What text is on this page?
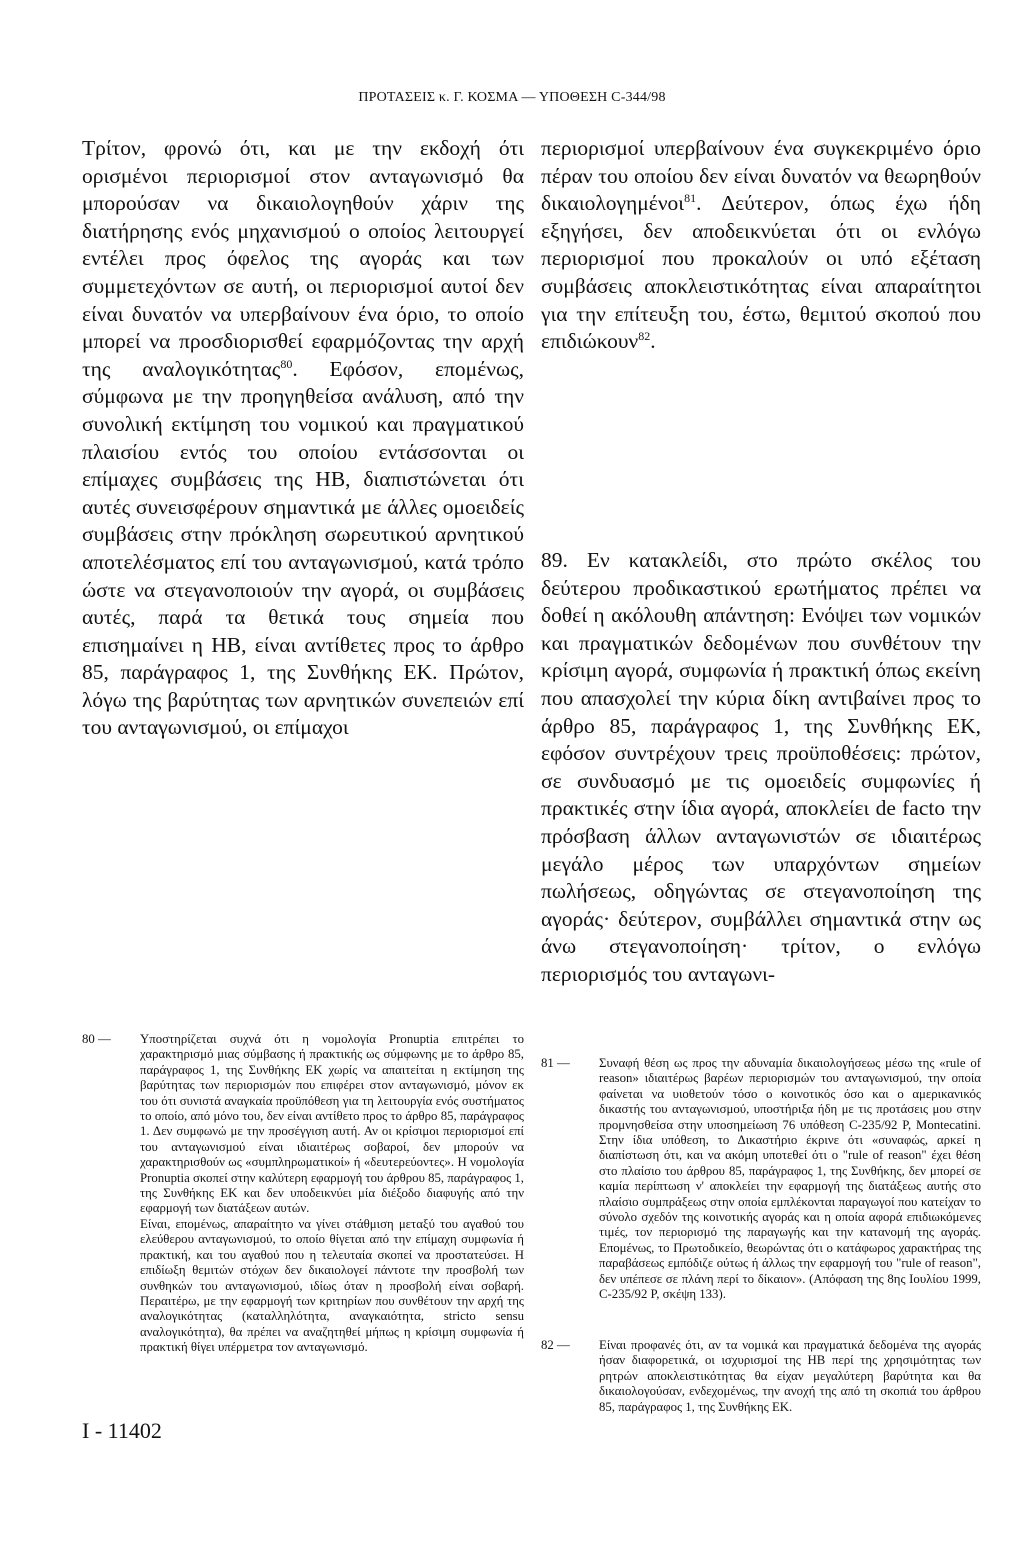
ΠΡΟΤΑΣΕΙΣ κ. Γ. ΚΟΣΜΑ — ΥΠΟΘΕΣΗ C-344/98

Τρίτον, φρονώ ότι, και με την εκδοχή ότι ορισμένοι περιορισμοί στον ανταγωνισμό θα μπορούσαν να δικαιολογηθούν χάριν της διατήρησης ενός μηχανισμού ο οποίος λειτουργεί εντέλει προς όφελος της αγοράς και των συμμετεχόντων σε αυτή, οι περιορισμοί αυτοί δεν είναι δυνατόν να υπερβαίνουν ένα όριο, το οποίο μπορεί να προσδιορισθεί εφαρμόζοντας την αρχή της αναλογικότητας$^{80}$. Εφόσον, επομένως, σύμφωνα με την προηγηθείσα ανάλυση, από την συνολική εκτίμηση του νομικού και πραγματικού πλαισίου εντός του οποίου εντάσσονται οι επίμαχες συμβάσεις της HB, διαπιστώνεται ότι αυτές συνεισφέρουν σημαντικά με άλλες ομοειδείς συμβάσεις στην πρόκληση σωρευτικού αρνητικού αποτελέσματος επί του ανταγωνισμού, κατά τρόπο ώστε να στεγανοποιούν την αγορά, οι συμβάσεις αυτές, παρά τα θετικά τους σημεία που επισημαίνει η HB, είναι αντίθετες προς το άρθρο 85, παράγραφος 1, της Συνθήκης ΕΚ. Πρώτον, λόγω της βαρύτητας των αρνητικών συνεπειών επί του ανταγωνισμού, οι επίμαχοι

περιορισμοί υπερβαίνουν ένα συγκεκριμένο όριο πέραν του οποίου δεν είναι δυνατόν να θεωρηθούν δικαιολογημένοι$^{81}$. Δεύτερον, όπως έχω ήδη εξηγήσει, δεν αποδεικνύεται ότι οι ενλόγω περιορισμοί που προκαλούν οι υπό εξέταση συμβάσεις αποκλειστικότητας είναι απαραίτητοι για την επίτευξη του, έστω, θεμιτού σκοπού που επιδιώκουν$^{82}$.

89. Εν κατακλείδι, στο πρώτο σκέλος του δεύτερου προδικαστικού ερωτήματος πρέπει να δοθεί η ακόλουθη απάντηση: Ενόψει των νομικών και πραγματικών δεδομένων που συνθέτουν την κρίσιμη αγορά, συμφωνία ή πρακτική όπως εκείνη που απασχολεί την κύρια δίκη αντιβαίνει προς το άρθρο 85, παράγραφος 1, της Συνθήκης ΕΚ, εφόσον συντρέχουν τρεις προϋποθέσεις: πρώτον, σε συνδυασμό με τις ομοειδείς συμφωνίες ή πρακτικές στην ίδια αγορά, αποκλείει de facto την πρόσβαση άλλων ανταγωνιστών σε ιδιαιτέρως μεγάλο μέρος των υπαρχόντων σημείων πωλήσεως, οδηγώντας σε στεγανοποίηση της αγοράς· δεύτερον, συμβάλλει σημαντικά στην ως άνω στεγανοποίηση· τρίτον, ο ενλόγω περιορισμός του ανταγωνι-

80 —	Υποστηρίζεται συχνά ότι η νομολογία Pronuptia επιτρέπει το χαρακτηρισμό μιας σύμβασης ή πρακτικής ως σύμφωνης με το άρθρο 85, παράγραφος 1, της Συνθήκης ΕΚ χωρίς να απαιτείται η εκτίμηση της βαρύτητας των περιορισμών που επιφέρει στον ανταγωνισμό, μόνον εκ του ότι συνιστά αναγκαία προϋπόθεση για τη λειτουργία ενός συστήματος το οποίο, από μόνο του, δεν είναι αντίθετο προς το άρθρο 85, παράγραφος 1. Δεν συμφωνώ με την προσέγγιση αυτή. Αν οι κρίσιμοι περιορισμοί επί του ανταγωνισμού είναι ιδιαιτέρως σοβαροί, δεν μπορούν να χαρακτηρισθούν ως «συμπληρωματικοί» ή «δευτερεύοντες». Η νομολογία Pronuptia σκοπεί στην καλύτερη εφαρμογή του άρθρου 85, παράγραφος 1, της Συνθήκης ΕΚ και δεν υποδεικνύει μία διέξοδο διαφυγής από την εφαρμογή των διατάξεων αυτών.
Είναι, επομένως, απαραίτητο να γίνει στάθμιση μεταξύ του αγαθού του ελεύθερου ανταγωνισμού, το οποίο θίγεται από την επίμαχη συμφωνία ή πρακτική, και του αγαθού που η τελευταία σκοπεί να προστατεύσει. Η επιδίωξη θεμιτών στόχων δεν δικαιολογεί πάντοτε την προσβολή των συνθηκών του ανταγωνισμού, ιδίως όταν η προσβολή είναι σοβαρή. Περαιτέρω, με την εφαρμογή των κριτηρίων που συνθέτουν την αρχή της αναλογικότητας (καταλληλότητα, αναγκαιότητα, stricto sensu αναλογικότητα), θα πρέπει να αναζητηθεί μήπως η κρίσιμη συμφωνία ή πρακτική θίγει υπέρμετρα τον ανταγωνισμό.
81 —	Συναφή θέση ως προς την αδυναμία δικαιολογήσεως μέσω της «rule of reason» ιδιαιτέρως βαρέων περιορισμών του ανταγωνισμού, την οποία φαίνεται να υιοθετούν τόσο ο κοινοτικός όσο και ο αμερικανικός δικαστής του ανταγωνισμού, υποστήριξα ήδη με τις προτάσεις μου στην προμνησθείσα στην υποσημείωση 76 υπόθεση C-235/92 P, Montecatini. Στην ίδια υπόθεση, το Δικαστήριο έκρινε ότι «συναφώς, αρκεί η διαπίστωση ότι, και να ακόμη υποτεθεί ότι ο "rule of reason" έχει θέση στο πλαίσιο του άρθρου 85, παράγραφος 1, της Συνθήκης, δεν μπορεί σε καμία περίπτωση ν' αποκλείει την εφαρμογή της διατάξεως αυτής στο πλαίσιο συμπράξεως στην οποία εμπλέκονται παραγωγοί που κατείχαν το σύνολο σχεδόν της κοινοτικής αγοράς και η οποία αφορά επιδιωκόμενες τιμές, τον περιορισμό της παραγωγής και την κατανομή της αγοράς. Επομένως, το Πρωτοδικείο, θεωρώντας ότι ο κατάφωρος χαρακτήρας της παραβάσεως εμπόδιζε ούτως ή άλλως την εφαρμογή του "rule of reason", δεν υπέπεσε σε πλάνη περί το δίκαιον». (Απόφαση της 8ης Ιουλίου 1999, C-235/92 P, σκέψη 133).
82 —	Είναι προφανές ότι, αν τα νομικά και πραγματικά δεδομένα της αγοράς ήσαν διαφορετικά, οι ισχυρισμοί της HB περί της χρησιμότητας των ρητρών αποκλειστικότητας θα είχαν μεγαλύτερη βαρύτητα και θα δικαιολογούσαν, ενδεχομένως, την ανοχή της από τη σκοπιά του άρθρου 85, παράγραφος 1, της Συνθήκης ΕΚ.
I - 11402
